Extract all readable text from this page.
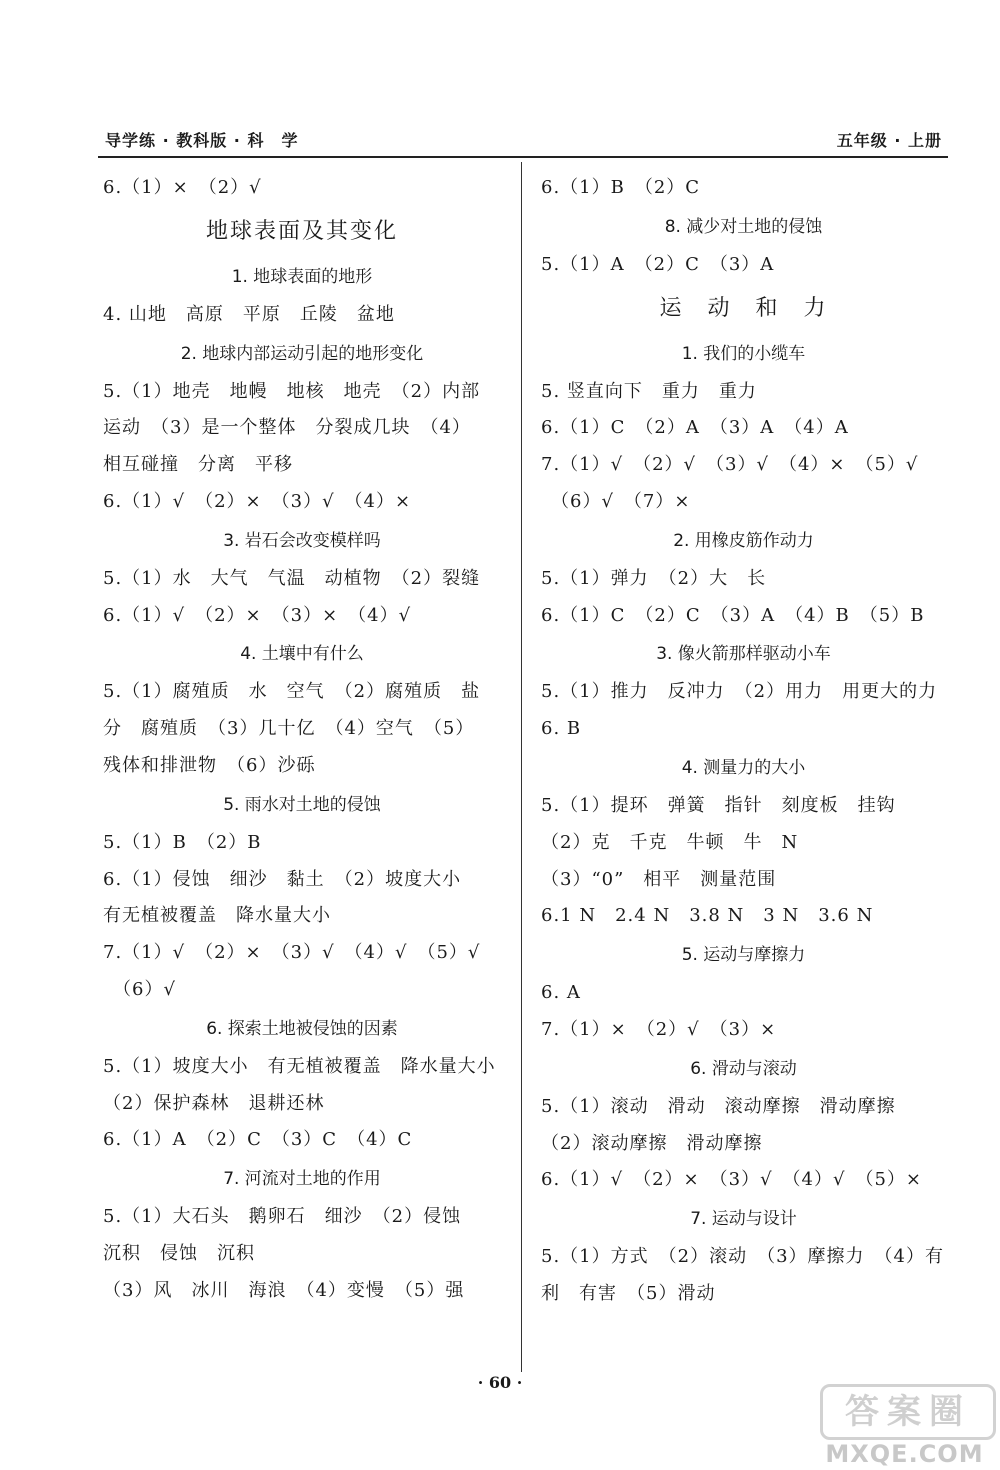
导学练 · 教科版 · 科　学	五年级 · 上册
6.（1）×　（2）√
地球表面及其变化
1. 地球表面的地形
4. 山地　高原　平原　丘陵　盆地
2. 地球内部运动引起的地形变化
5.（1）地壳　地幔　地核　地壳　（2）内部
运动　（3）是一个整体　分裂成几块　（4）
相互碰撞　分离　平移
6.（1）√　（2）×　（3）√　（4）×
3. 岩石会改变模样吗
5.（1）水　大气　气温　动植物　（2）裂缝
6.（1）√　（2）×　（3）×　（4）√
4. 土壤中有什么
5.（1）腐殖质　水　空气　（2）腐殖质　盐
分　腐殖质　（3）几十亿　（4）空气　（5）
残体和排泄物　（6）沙砾
5. 雨水对土地的侵蚀
5.（1）B　（2）B
6.（1）侵蚀　细沙　黏土　（2）坡度大小
有无植被覆盖　降水量大小
7.（1）√　（2）×　（3）√　（4）√　（5）√
　（6）√
6. 探索土地被侵蚀的因素
5.（1）坡度大小　有无植被覆盖　降水量大小
（2）保护森林　退耕还林
6.（1）A　（2）C　（3）C　（4）C
7. 河流对土地的作用
5.（1）大石头　鹅卵石　细沙　（2）侵蚀
沉积　侵蚀　沉积
（3）风　冰川　海浪　（4）变慢　（5）强
6.（1）B　（2）C
8. 减少对土地的侵蚀
5.（1）A　（2）C　（3）A
运　动　和　力
1. 我们的小缆车
5. 竖直向下　重力　重力
6.（1）C　（2）A　（3）A　（4）A
7.（1）√　（2）√　（3）√　（4）×　（5）√
　（6）√　（7）×
2. 用橡皮筋作动力
5.（1）弹力　（2）大　长
6.（1）C　（2）C　（3）A　（4）B　（5）B
3. 像火箭那样驱动小车
5.（1）推力　反冲力　（2）用力　用更大的力
6. B
4. 测量力的大小
5.（1）提环　弹簧　指针　刻度板　挂钩
（2）克　千克　牛顿　牛　N
（3）“0”　相平　测量范围
6.1 N　2.4 N　3.8 N　3 N　3.6 N
5. 运动与摩擦力
6. A
7.（1）×　（2）√　（3）×
6. 滑动与滚动
5.（1）滚动　滑动　滚动摩擦　滑动摩擦
（2）滚动摩擦　滑动摩擦
6.（1）√　（2）×　（3）√　（4）√　（5）×
7. 运动与设计
5.（1）方式　（2）滚动　（3）摩擦力　（4）有
利　有害　（5）滑动
· 60 ·
答案圈
MXQE.COM
